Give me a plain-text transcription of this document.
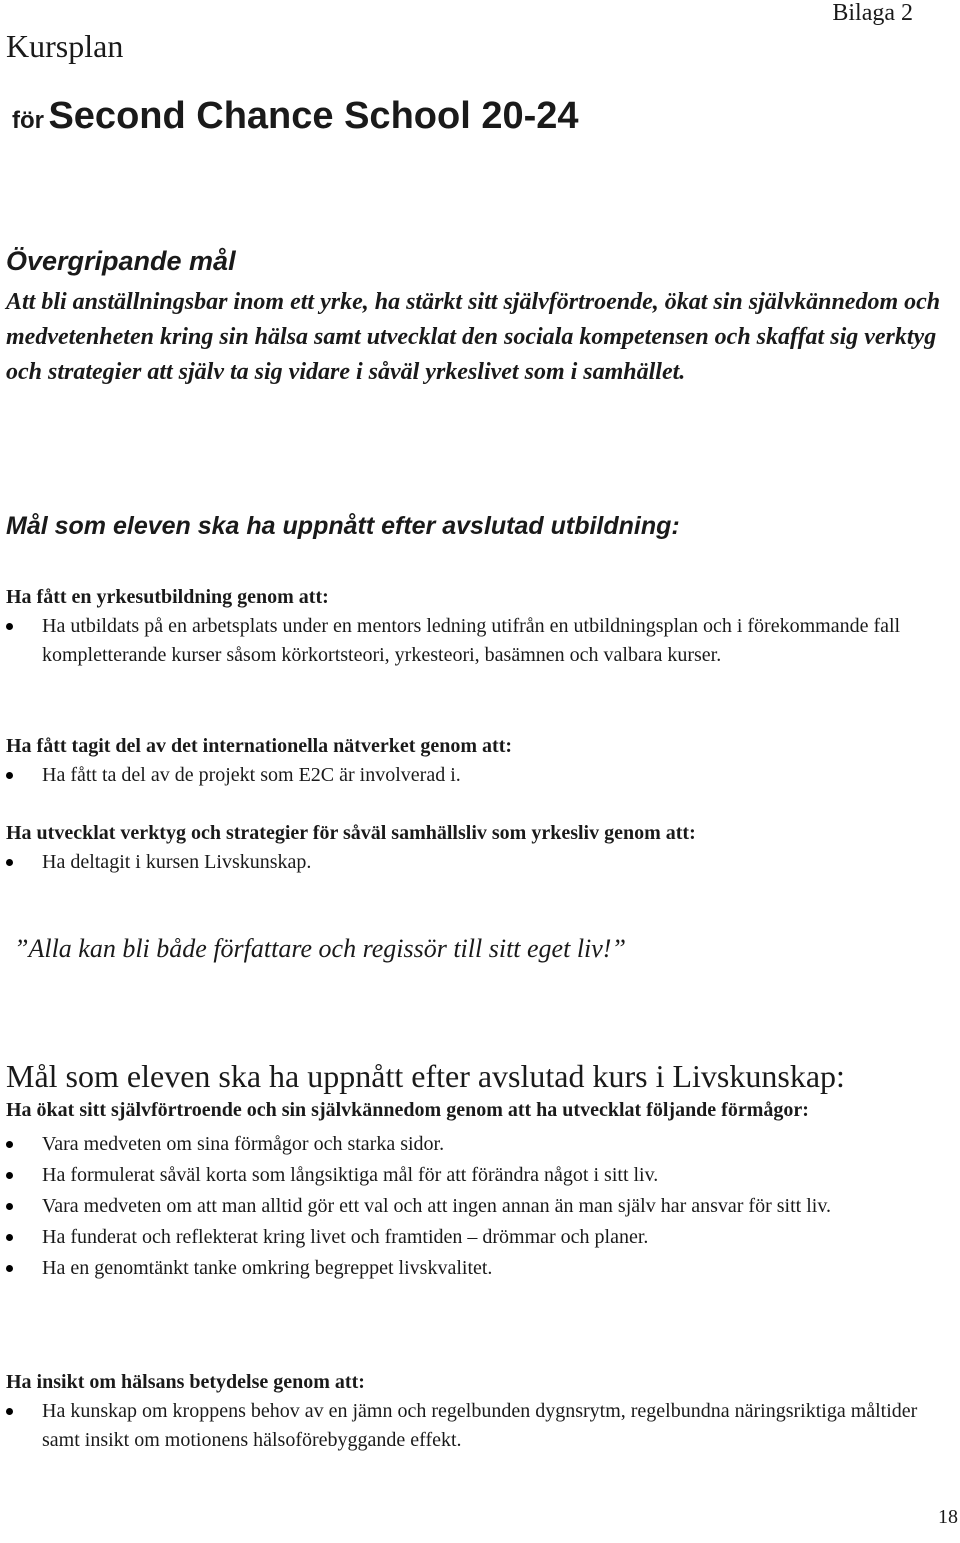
Bilaga 2
Kursplan
för Second Chance School 20-24
Övergripande mål
Att bli anställningsbar inom ett yrke, ha stärkt sitt självförtroende, ökat sin självkännedom och medvetenheten kring sin hälsa samt utvecklat den sociala kompetensen och skaffat sig verktyg och strategier att själv ta sig vidare i såväl yrkeslivet som i samhället.
Mål som eleven ska ha uppnått efter avslutad utbildning:
Ha fått en yrkesutbildning genom att:
Ha utbildats på en arbetsplats under en mentors ledning utifrån en utbildningsplan och i förekommande fall kompletterande kurser såsom körkortsteori, yrkesteori, basämnen och valbara kurser.
Ha fått tagit del av det internationella nätverket genom att:
Ha fått ta del av de projekt som E2C är involverad i.
Ha utvecklat verktyg och strategier för såväl samhällsliv som yrkesliv genom att:
Ha deltagit i kursen Livskunskap.
”Alla kan bli både författare och regissör till sitt eget liv!”
Mål som eleven ska ha uppnått efter avslutad kurs i Livskunskap:
Ha ökat sitt självförtroende och sin självkännedom genom att ha utvecklat följande förmågor:
Vara medveten om sina förmågor och starka sidor.
Ha formulerat såväl korta som långsiktiga mål för att förändra något i sitt liv.
Vara medveten om att man alltid gör ett val och att ingen annan än man själv har ansvar för sitt liv.
Ha funderat och reflekterat kring livet och framtiden – drömmar och planer.
Ha en genomtänkt tanke omkring begreppet livskvalitet.
Ha insikt om hälsans betydelse genom att:
Ha kunskap om kroppens behov av en jämn och regelbunden dygnsrytm, regelbundna näringsriktiga måltider samt insikt om motionens hälsoförebyggande effekt.
18
